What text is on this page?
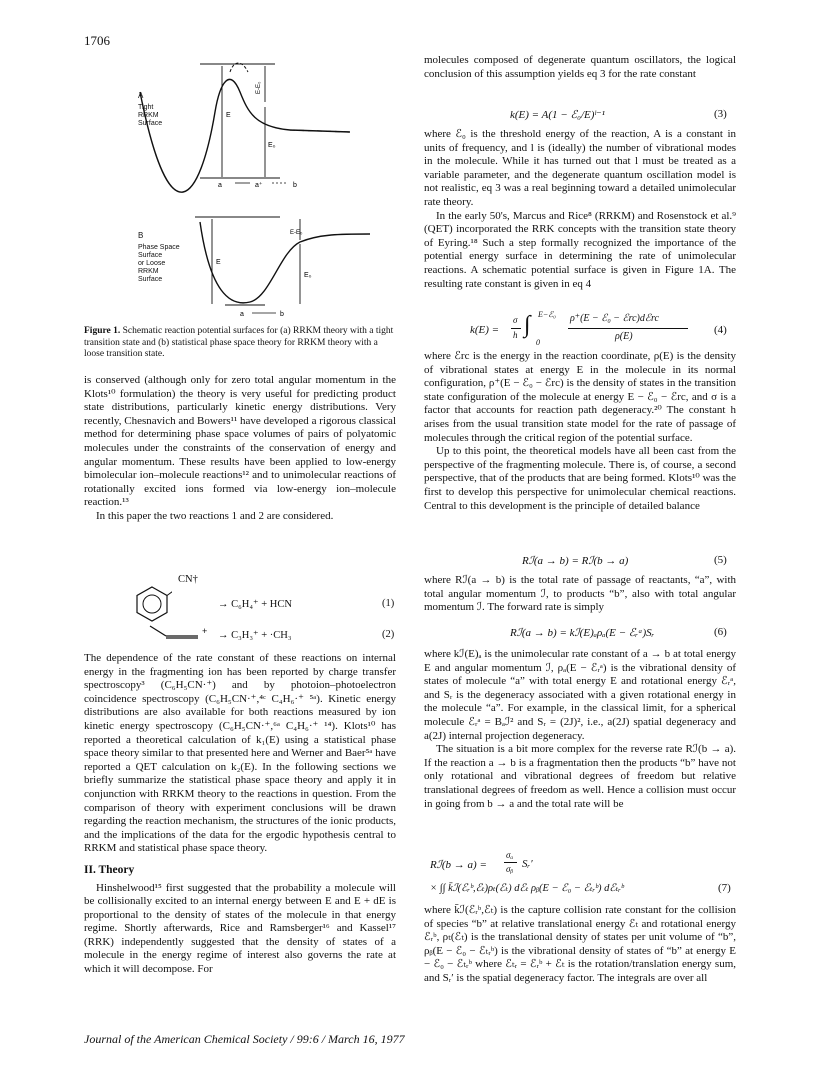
1706
a	a⁺	b
E
E₀
E-E₀
E
E₀
E-E₀
a	b
A
Tight
RRKM
Surface
B
Phase Space
Surface
or Loose
RRKM
Surface
Figure 1. Schematic reaction potential surfaces for (a) RRKM theory with a tight transition state and (b) statistical phase space theory for RRKM theory with a loose transition state.

is conserved (although only for zero total angular momentum in the Klots¹⁰ formulation) the theory is very useful for predicting product state distributions, particularly kinetic energy distributions. Very recently, Chesnavich and Bowers¹¹ have developed a rigorous classical method for determining phase space volumes of pairs of polyatomic molecules under the constraints of the conservation of energy and angular momentum. These results have been applied to low-energy bimolecular ion–molecule reactions¹² and to unimolecular reactions of rotationally excited ions formed via low-energy ion–molecule reaction.¹³

In this paper the two reactions 1 and 2 are considered.

CN†
→ C₆H₄⁺ + HCN	(1)
+ → C₃H₃⁺ + ·CH₃	(2)

The dependence of the rate constant of these reactions on internal energy in the fragmenting ion has been reported by charge transfer spectroscopy³ (C₆H₅CN·⁺) and by photoion–photoelectron coincidence spectroscopy (C₆H₅CN·⁺,⁴ᶜ C₄H₆·⁺ ⁵ᵃ). Kinetic energy distributions are also available for both reactions measured by ion kinetic energy spectroscopy (C₆H₅CN·⁺,⁶ᵃ C₄H₆·⁺ ¹⁴). Klots¹⁰ has reported a theoretical calculation of k₁(E) using a statistical phase space theory similar to that presented here and Werner and Baer⁵ᵃ have reported a QET calculation on k₂(E). In the following sections we briefly summarize the statistical phase space theory and apply it in conjunction with RRKM theory to the reactions in question. From the comparison of theory with experiment conclusions will be drawn regarding the reaction mechanism, the structures of the ionic products, and the implications of the data for the ergodic hypothesis central to RRKM and statistical phase space theory.

II. Theory

Hinshelwood¹⁵ first suggested that the probability a molecule will be collisionally excited to an internal energy between E and E + dE is proportional to the density of states of the molecule in that energy regime. Shortly afterwards, Rice and Ramsberger¹⁶ and Kassel¹⁷ (RRK) independently suggested that the density of states of a molecule in the energy regime of interest also governs the rate at which it will decompose. For

molecules composed of degenerate quantum oscillators, the logical conclusion of this assumption yields eq 3 for the rate constant

k(E) = A(1 − ℰ₀/E)ˡ⁻¹	(3)

where ℰ₀ is the threshold energy of the reaction, A is a constant in units of frequency, and l is (ideally) the number of vibrational modes in the molecule. While it has turned out that l must be treated as a variable parameter, and the degenerate quantum oscillation model is not realistic, eq 3 was a real beginning toward a detailed unimolecular rate theory.

In the early 50's, Marcus and Rice⁸ (RRKM) and Rosenstock et al.⁹ (QET) incorporated the RRK concepts with the transition state theory of Eyring.¹⁸ Such a step formally recognized the importance of the potential energy surface in determining the rate of unimolecular reactions. A schematic potential surface is given in Figure 1A. The resulting rate constant is given in eq 4

k(E) =
σ
h ∫ E−ℰ₀
0
ρ⁺(E − ℰ₀ − ℰrc)dℰrc
ρ(E)
(4)

where ℰrc is the energy in the reaction coordinate, ρ(E) is the density of vibrational states at energy E in the molecule in its normal configuration, ρ⁺(E − ℰ₀ − ℰrc) is the density of states in the transition state configuration of the molecule at energy E − ℰ₀ − ℰrc, and σ is a factor that accounts for reaction path degeneracy.²⁰ The constant h arises from the usual transition state model for the rate of passage of molecules through the critical region of the potential surface.

Up to this point, the theoretical models have all been cast from the perspective of the fragmenting molecule. There is, of course, a second perspective, that of the products that are being formed. Klots¹⁰ was the first to develop this perspective for unimolecular chemical reactions. Central to this development is the principle of detailed balance

Rℐ(a → b) = Rℐ(b → a)	(5)

where Rℐ(a → b) is the total rate of passage of reactants, “a”, with total angular momentum ℐ, to products “b”, also with total angular momentum ℐ. The forward rate is simply

Rℐ(a → b) = kℐ(E)ₐρₐ(E − ℰᵣᵃ)Sᵣ	(6)

where kℐ(E)ₐ is the unimolecular rate constant of a → b at total energy E and angular momentum ℐ, ρₐ(E − ℰᵣᵃ) is the vibrational density of states of molecule “a” with total energy E and rotational energy ℰᵣᵃ, and Sᵣ is the degeneracy associated with a given rotational energy in the molecule “a”. For example, in the classical limit, for a spherical molecule ℰᵣᵃ = Bₐℐ² and Sᵣ = (2J)², i.e., a(2J) spatial degeneracy and a(2J) internal projection degeneracy.

The situation is a bit more complex for the reverse rate Rℐ(b → a). If the reaction a → b is a fragmentation then the products “b” have not only rotational and vibrational degrees of freedom but relative translational degrees of freedom as well. Hence a collision must occur in going from b → a and the total rate will be

Rℐ(b → a) =
σₐ
σᵦ Sᵣ′
× ∫∫ k̄ℐ(ℰᵣᵇ,ℰₜ)ρₜ(ℰₜ) dℰₜ ρᵦ(E − ℰ₀ − ℰₜᵣᵇ) dℰₜᵣᵇ	(7)

where k̄ℐ(ℰᵣᵇ,ℰₜ) is the capture collision rate constant for the collision of species “b” at relative translational energy ℰₜ and rotational energy ℰᵣᵇ, ρₜ(ℰₜ) is the translational density of states per unit volume of “b”, ρᵦ(E − ℰ₀ − ℰₜᵣᵇ) is the vibrational density of states of “b” at energy E − ℰ₀ − ℰₜᵣᵇ where ℰₜᵣ = ℰᵣᵇ + ℰₜ is the rotation/translation energy sum, and Sᵣ′ is the spatial degeneracy factor. The integrals are over all

Journal of the American Chemical Society / 99:6 / March 16, 1977
